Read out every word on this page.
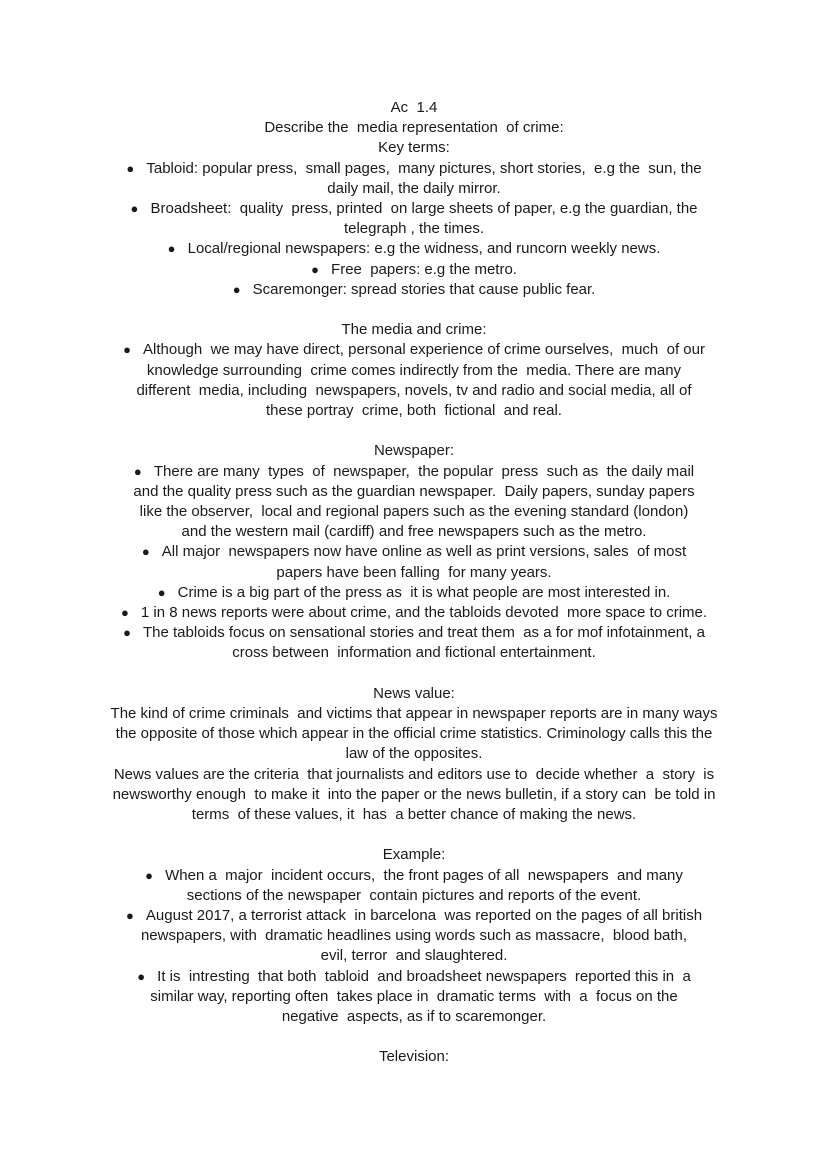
Ac  1.4
Describe the  media representation  of crime:
Key terms:
● Tabloid: popular press,  small pages,  many pictures, short stories,  e.g the  sun, the
daily mail, the daily mirror.
● Broadsheet:  quality  press, printed  on large sheets of paper, e.g the guardian, the
telegraph , the times.
● Local/regional newspapers: e.g the widness, and runcorn weekly news.
● Free  papers: e.g the metro.
● Scaremonger: spread stories that cause public fear.
The media and crime:
● Although  we may have direct, personal experience of crime ourselves,  much  of our
knowledge surrounding  crime comes indirectly from the  media. There are many
different  media, including  newspapers, novels, tv and radio and social media, all of
these portray  crime, both  fictional  and real.
Newspaper:
● There are many  types  of  newspaper,  the popular  press  such as  the daily mail
and the quality press such as the guardian newspaper.  Daily papers, sunday papers
like the observer,  local and regional papers such as the evening standard (london)
and the western mail (cardiff) and free newspapers such as the metro.
● All major  newspapers now have online as well as print versions, sales  of most
papers have been falling  for many years.
● Crime is a big part of the press as  it is what people are most interested in.
● 1 in 8 news reports were about crime, and the tabloids devoted  more space to crime.
● The tabloids focus on sensational stories and treat them  as a for mof infotainment, a
cross between  information and fictional entertainment.
News value:
The kind of crime criminals  and victims that appear in newspaper reports are in many ways
the opposite of those which appear in the official crime statistics. Criminology calls this the
law of the opposites.
News values are the criteria  that journalists and editors use to  decide whether  a  story  is
newsworthy enough  to make it  into the paper or the news bulletin, if a story can  be told in
terms  of these values, it  has  a better chance of making the news.
Example:
● When a  major  incident occurs,  the front pages of all  newspapers  and many
sections of the newspaper  contain pictures and reports of the event.
● August 2017, a terrorist attack  in barcelona  was reported on the pages of all british
newspapers, with  dramatic headlines using words such as massacre,  blood bath,
evil, terror  and slaughtered.
● It is  intresting  that both  tabloid  and broadsheet newspapers  reported this in  a
similar way, reporting often  takes place in  dramatic terms  with  a  focus on the
negative  aspects, as if to scaremonger.
Television:
